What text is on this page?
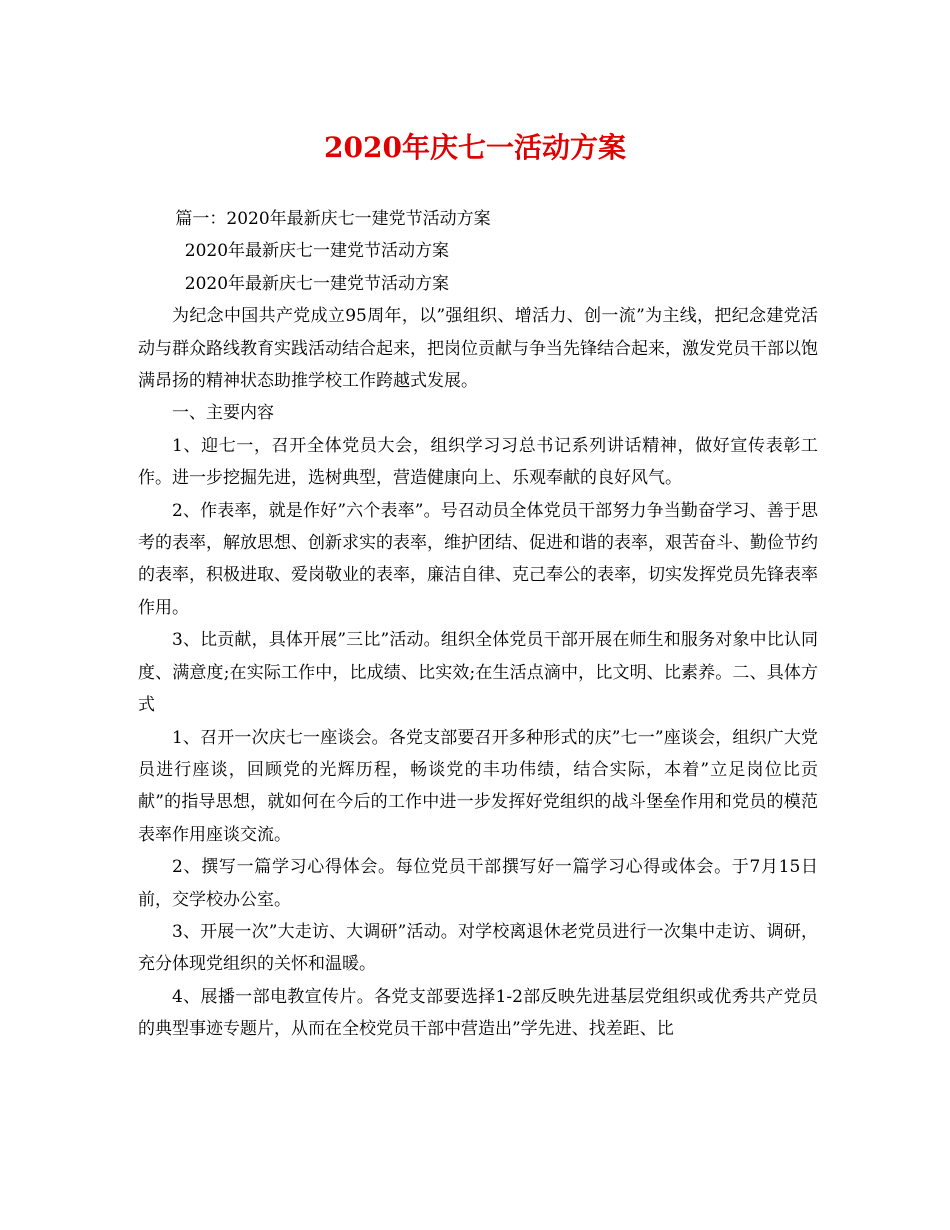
2020年庆七一活动方案

篇一：2020年最新庆七一建党节活动方案

2020年最新庆七一建党节活动方案

2020年最新庆七一建党节活动方案

为纪念中国共产党成立95周年，以”强组织、增活力、创一流”为主线，把纪念建党活动与群众路线教育实践活动结合起来，把岗位贡献与争当先锋结合起来，激发党员干部以饱满昂扬的精神状态助推学校工作跨越式发展。

一、主要内容

1、迎七一，召开全体党员大会，组织学习习总书记系列讲话精神，做好宣传表彰工作。进一步挖掘先进，选树典型，营造健康向上、乐观奉献的良好风气。

2、作表率，就是作好”六个表率”。号召动员全体党员干部努力争当勤奋学习、善于思考的表率，解放思想、创新求实的表率，维护团结、促进和谐的表率，艰苦奋斗、勤俭节约的表率，积极进取、爱岗敬业的表率，廉洁自律、克己奉公的表率，切实发挥党员先锋表率作用。

3、比贡献，具体开展”三比”活动。组织全体党员干部开展在师生和服务对象中比认同度、满意度;在实际工作中，比成绩、比实效;在生活点滴中，比文明、比素养。二、具体方式

1、召开一次庆七一座谈会。各党支部要召开多种形式的庆”七一”座谈会，组织广大党员进行座谈，回顾党的光辉历程，畅谈党的丰功伟绩，结合实际，本着”立足岗位比贡献”的指导思想，就如何在今后的工作中进一步发挥好党组织的战斗堡垒作用和党员的模范表率作用座谈交流。

2、撰写一篇学习心得体会。每位党员干部撰写好一篇学习心得或体会。于7月15日前，交学校办公室。

3、开展一次”大走访、大调研”活动。对学校离退休老党员进行一次集中走访、调研，充分体现党组织的关怀和温暖。

4、展播一部电教宣传片。各党支部要选择1-2部反映先进基层党组织或优秀共产党员的典型事迹专题片，从而在全校党员干部中营造出”学先进、找差距、比
